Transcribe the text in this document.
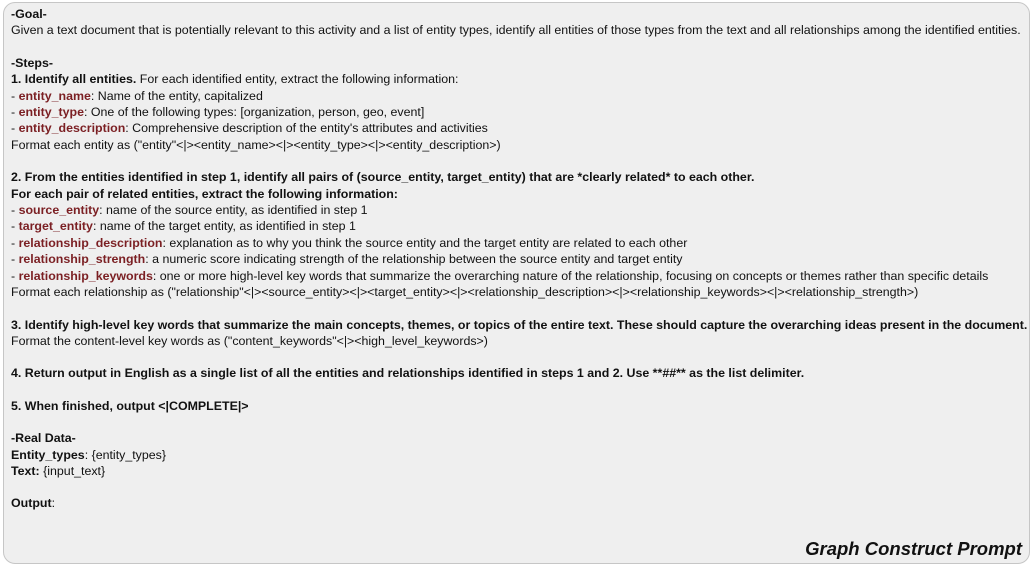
-Goal-
Given a text document that is potentially relevant to this activity and a list of entity types, identify all entities of those types from the text and all relationships among the identified entities.
-Steps-
1. Identify all entities. For each identified entity, extract the following information:
- entity_name: Name of the entity, capitalized
- entity_type: One of the following types: [organization, person, geo, event]
- entity_description: Comprehensive description of the entity's attributes and activities
Format each entity as ("entity"<|><entity_name><|><entity_type><|><entity_description>)
2. From the entities identified in step 1, identify all pairs of (source_entity, target_entity) that are *clearly related* to each other.
For each pair of related entities, extract the following information:
- source_entity: name of the source entity, as identified in step 1
- target_entity: name of the target entity, as identified in step 1
- relationship_description: explanation as to why you think the source entity and the target entity are related to each other
- relationship_strength: a numeric score indicating strength of the relationship between the source entity and target entity
- relationship_keywords: one or more high-level key words that summarize the overarching nature of the relationship, focusing on concepts or themes rather than specific details
Format each relationship as ("relationship"<|><source_entity><|><target_entity><|><relationship_description><|><relationship_keywords><|><relationship_strength>)
3. Identify high-level key words that summarize the main concepts, themes, or topics of the entire text. These should capture the overarching ideas present in the document.
Format the content-level key words as ("content_keywords"<|><high_level_keywords>)
4. Return output in English as a single list of all the entities and relationships identified in steps 1 and 2. Use **##** as the list delimiter.
5. When finished, output <|COMPLETE|>
-Real Data-
Entity_types: {entity_types}
Text: {input_text}
Output:
Graph Construct Prompt
